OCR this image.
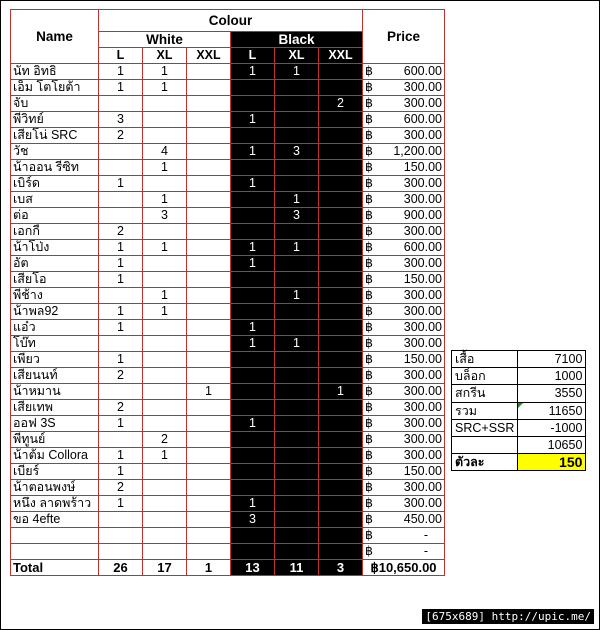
Name	Colour						Price
	White			Black			
	L	XL	XXL	L	XL	XXL	
นัท อิทธิ	1	1		1	1		฿ 600.00

เอ็ม โตโยต้า	1	1					฿ 300.00

จับ						2	฿ 300.00

พี่วิทย์	3			1			฿ 600.00

เสี่ยโน่ SRC	2						฿ 300.00

วัช		4		1	3		฿ 1,200.00

น้าออน รีซิท		1					฿ 150.00

เบิร์ด	1			1			฿ 300.00

เบส		1			1		฿ 300.00

ต่อ		3			3		฿ 900.00

เอกกี้	2						฿ 300.00

น้าโป่ง	1	1		1	1		฿ 600.00

อัต	1			1			฿ 300.00

เสี่ยโอ	1						฿ 150.00

พี่ช้าง		1			1		฿ 300.00

น้าพล92	1	1					฿ 300.00

แอ๋ว	1			1			฿ 300.00

โบ๊ท				1	1		฿ 300.00

เพียว	1						฿ 150.00

เสี่ยนนท์	2						฿ 300.00

น้าหมาน			1			1	฿ 300.00

เสี่ยเทพ	2						฿ 300.00

ออฟ 3S	1			1			฿ 300.00

พี่ทูนย์		2					฿ 300.00

น้าต้ม Collora	1	1					฿ 300.00

เบียร์	1						฿ 150.00

น้าตอนพงษ์	2						฿ 300.00

หนึ่ง ลาดพร้าว	1			1			฿ 300.00

ขอ 4efte				3			฿ 450.00

							฿ -

							฿ -

Total	26	17	1	13	11	3	฿10,650.00
เสื้อ	7100
บล็อก	1000
สกรีน	3550
รวม	11650
SRC+SSR	-1000
	10650
ตัวละ	150
[675x689] http://upic.me/
